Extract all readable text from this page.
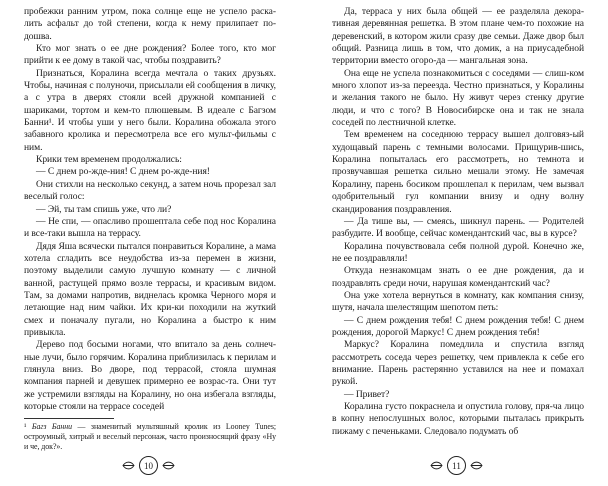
пробежки ранним утром, пока солнце еще не успело раска-лить асфальт до той степени, когда к нему прилипает по-дошва.

Кто мог знать о ее дне рождения? Более того, кто мог прийти к ее дому в такой час, чтобы поздравить?

Признаться, Коралина всегда мечтала о таких друзьях. Чтобы, начиная с полуночи, присылали ей сообщения в личку, а с утра в дверях стояли всей дружной компанией с шариками, тортом и кем-то плюшевым. В идеале с Багзом Банни¹. И чтобы уши у него были. Коралина обожала этого забавного кролика и пересмотрела все его мульт-фильмы с ним.

Крики тем временем продолжались:

— С днем ро-жде-ния! С днем ро-жде-ния!

Они стихли на несколько секунд, а затем ночь прорезал зал веселый голос:

— Эй, ты там спишь уже, что ли?

— Не спи, — опасливо прошептала себе под нос Коралина и все-таки вышла на террасу.

Дядя Яша всячески пытался понравиться Коралине, а мама хотела сгладить все неудобства из-за перемен в жизни, поэтому выделили самую лучшую комнату — с личной ванной, растущей прямо возле террасы, и красивым видом. Там, за домами напротив, виднелась кромка Черного моря и летающие над ним чайки. Их кри-ки походили на жуткий смех и поначалу пугали, но Коралина а быстро к ним привыкла.

Дерево под босыми ногами, что впитало за день солнеч-ные лучи, было горячим. Коралина приблизилась к перилам и глянула вниз. Во дворе, под террасой, стояла шумная компания парней и девушек примерно ее возрас-та. Они тут же устремили взгляды на Коралину, но она избегала взгляды, которые стояли на террасе соседей

¹ Багз Банни — знаменитый мультяшный кролик из Looney Tunes; остроумный, хитрый и веселый персонаж, часто произносящий фразу «Ну и че, док?».

Да, терраса у них была общей — ее разделяла декора-тивная деревянная решетка. В этом плане чем-то похожие на деревенский, в котором жили сразу две семьи. Даже двор был общий. Разница лишь в том, что домик, а на приусадебной территории вместо огоро-да — мангальная зона.

Она еще не успела познакомиться с соседями — слиш-ком много хлопот из-за переезда. Честно признаться, у Коралины и желания такого не было. Ну живут через стенку другие люди, и что с того? В Новосибирске она и так не знала соседей по лестничной клетке.

Тем временем на соседнюю террасу вышел долговяз-ый худощавый парень с темными волосами. Прищурив-шись, Коралина попыталась его рассмотреть, но темнота и прозвучавшая решетка сильно мешали этому. Не замечая Коралину, парень босиком прошлепал к перилам, чем вызвал одобрительный гул компании внизу и одну волну скандирования поздравления.

— Да тише вы, — смеясь, шикнул парень. — Родителей разбудите. И вообще, сейчас комендантский час, вы в курсе?

Коралина почувствовала себя полной дурой. Конечно же, не ее поздравляли!

Откуда незнакомцам знать о ее дне рождения, да и поздравлять среди ночи, нарушая комендантский час?

Она уже хотела вернуться в комнату, как компания снизу, шутя, начала шелестящим шепотом петь:

— С днем рождения тебя! С днем рождения тебя! С днем рождения, дорогой Маркус! С днем рождения тебя!

Маркус? Коралина помедлила и спустила взгляд рассмотреть соседа через решетку, чем привлекла к себе его внимание. Парень растерянно уставился на нее и помахал рукой.

— Привет?

Коралина густо покраснела и опустила голову, пря-ча лицо в копну непослушных волос, которыми пыталась прикрыть пижаму с печеньками. Следовало подумать об

10	11
